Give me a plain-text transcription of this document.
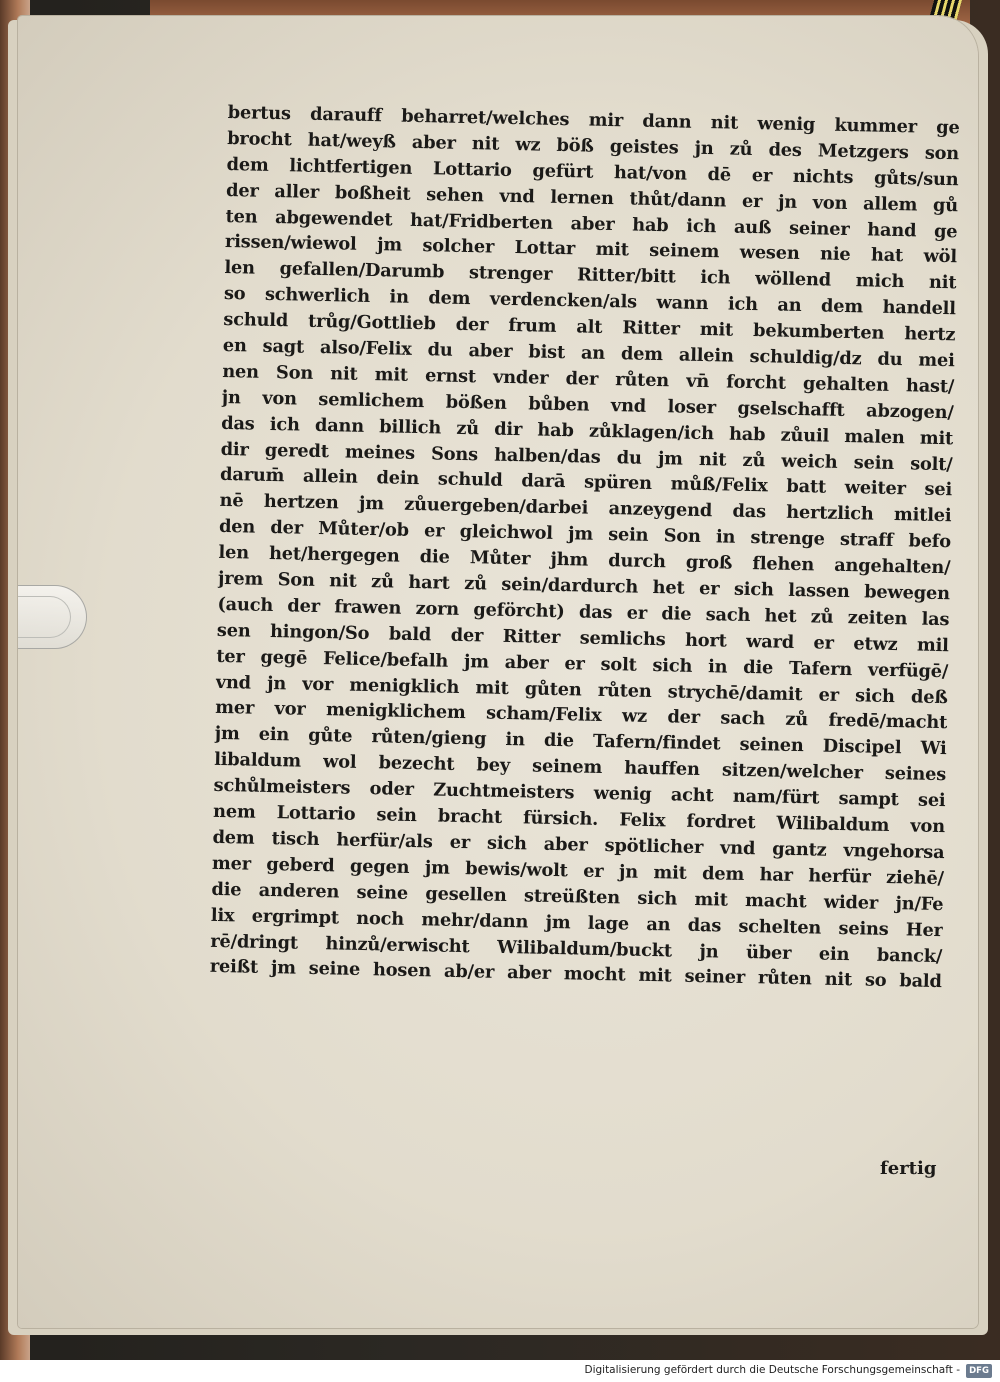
bertus darauff beharret/welches mir dann nit wenig kummer ge
brocht hat/weyß aber nit wz böß geistes jn zů des Metzgers son
dem lichtfertigen Lottario gefürt hat/von dē er nichts gůts/sun
der aller boßheit sehen vnd lernen thůt/dann er jn von allem gů
ten abgewendet hat/Fridberten aber hab ich auß seiner hand ge
rissen/wiewol jm solcher Lottar mit seinem wesen nie hat wöl
len gefallen/Darumb strenger Ritter/bitt ich wöllend mich nit
so schwerlich in dem verdencken/als wann ich an dem handell
schuld trůg/Gottlieb der frum alt Ritter mit bekumberten hertz
en sagt also/Felix du aber bist an dem allein schuldig/dz du mei
nen Son nit mit ernst vnder der růten vn̄ forcht gehalten hast/
jn von semlichem bößen bůben vnd loser gselschafft abzogen/
das ich dann billich zů dir hab zůklagen/ich hab zůuil malen mit
dir geredt meines Sons halben/das du jm nit zů weich sein solt/
darum̄ allein dein schuld darā spüren můß/Felix batt weiter sei
nē hertzen jm zůuergeben/darbei anzeygend das hertzlich mitlei
den der Můter/ob er gleichwol jm sein Son in strenge straff befo
len het/hergegen die Můter jhm durch groß flehen angehalten/
jrem Son nit zů hart zů sein/dardurch het er sich lassen bewegen
(auch der frawen zorn geförcht) das er die sach het zů zeiten las
sen hingon/So bald der Ritter semlichs hort ward er etwz mil
ter gegē Felice/befalh jm aber er solt sich in die Tafern verfügē/
vnd jn vor menigklich mit gůten růten strychē/damit er sich deß
mer vor menigklichem scham/Felix wz der sach zů fredē/macht
jm ein gůte růten/gieng in die Tafern/findet seinen Discipel Wi
libaldum wol bezecht bey seinem hauffen sitzen/welcher seines
schůlmeisters oder Zuchtmeisters wenig acht nam/fürt sampt sei
nem Lottario sein bracht fürsich. Felix fordret Wilibaldum von
dem tisch herfür/als er sich aber spötlicher vnd gantz vngehorsa
mer geberd gegen jm bewis/wolt er jn mit dem har herfür ziehē/
die anderen seine gesellen streüßten sich mit macht wider jn/Fe
lix ergrimpt noch mehr/dann jm lage an das schelten seins Her
rē/dringt hinzů/erwischt Wilibaldum/buckt jn über ein banck/
reißt jm seine hosen ab/er aber mocht mit seiner růten nit so bald
fertig
Digitalisierung gefördert durch die Deutsche Forschungsgemeinschaft -	DFG
